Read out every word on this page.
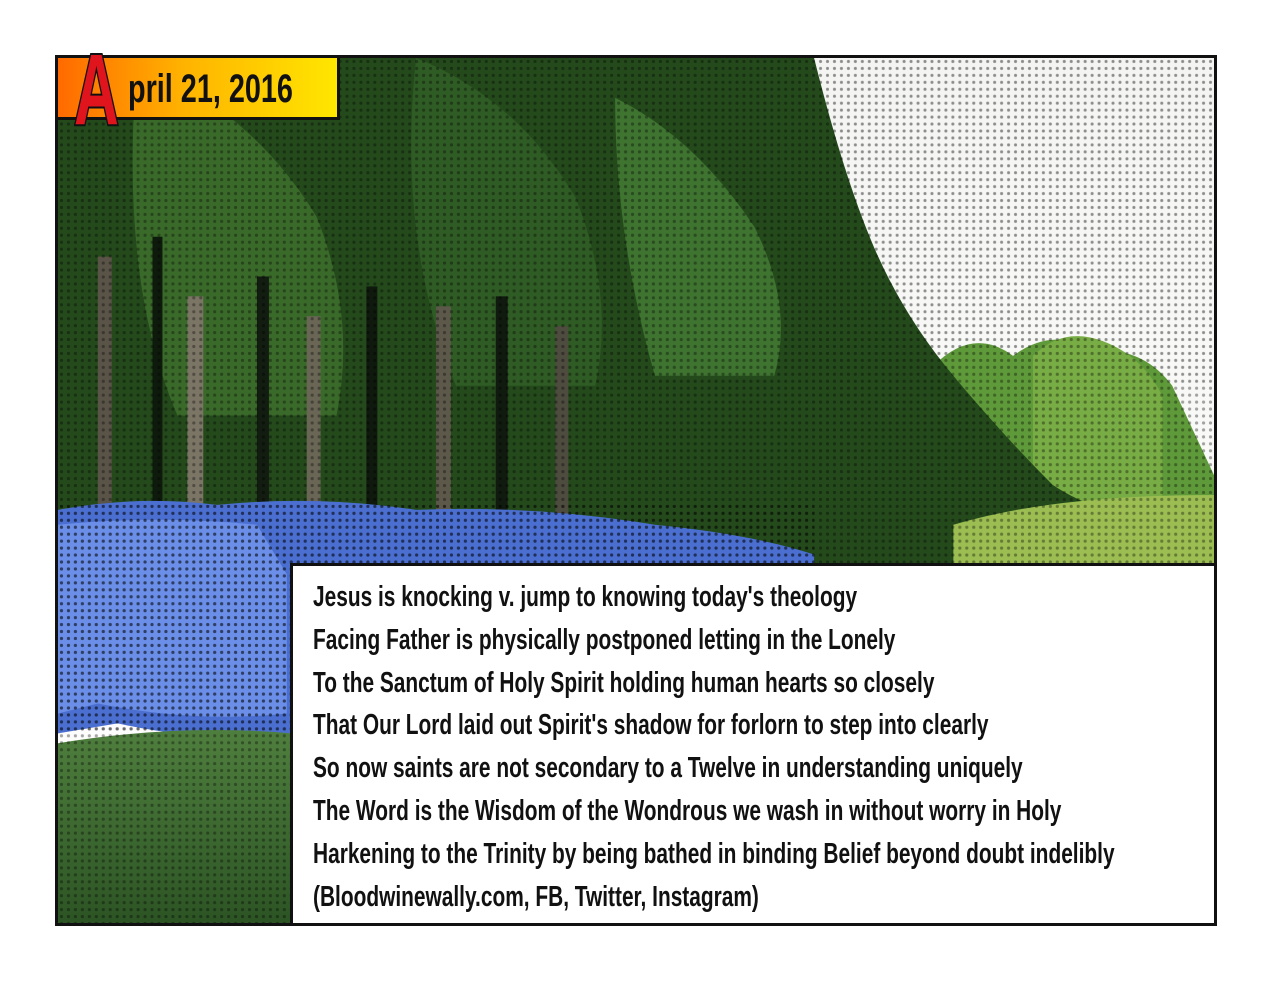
A pril 21, 2016
Jesus is knocking v. jump to knowing today's theology
Facing Father is physically postponed letting in the Lonely
To the Sanctum of Holy Spirit holding human hearts so closely
That Our Lord laid out Spirit's shadow for forlorn to step into clearly
So now saints are not secondary to a Twelve in understanding uniquely
The Word is the Wisdom of the Wondrous we wash in without worry in Holy
Harkening to the Trinity by being bathed in binding Belief beyond doubt indelibly
(Bloodwinewally.com, FB, Twitter, Instagram)
